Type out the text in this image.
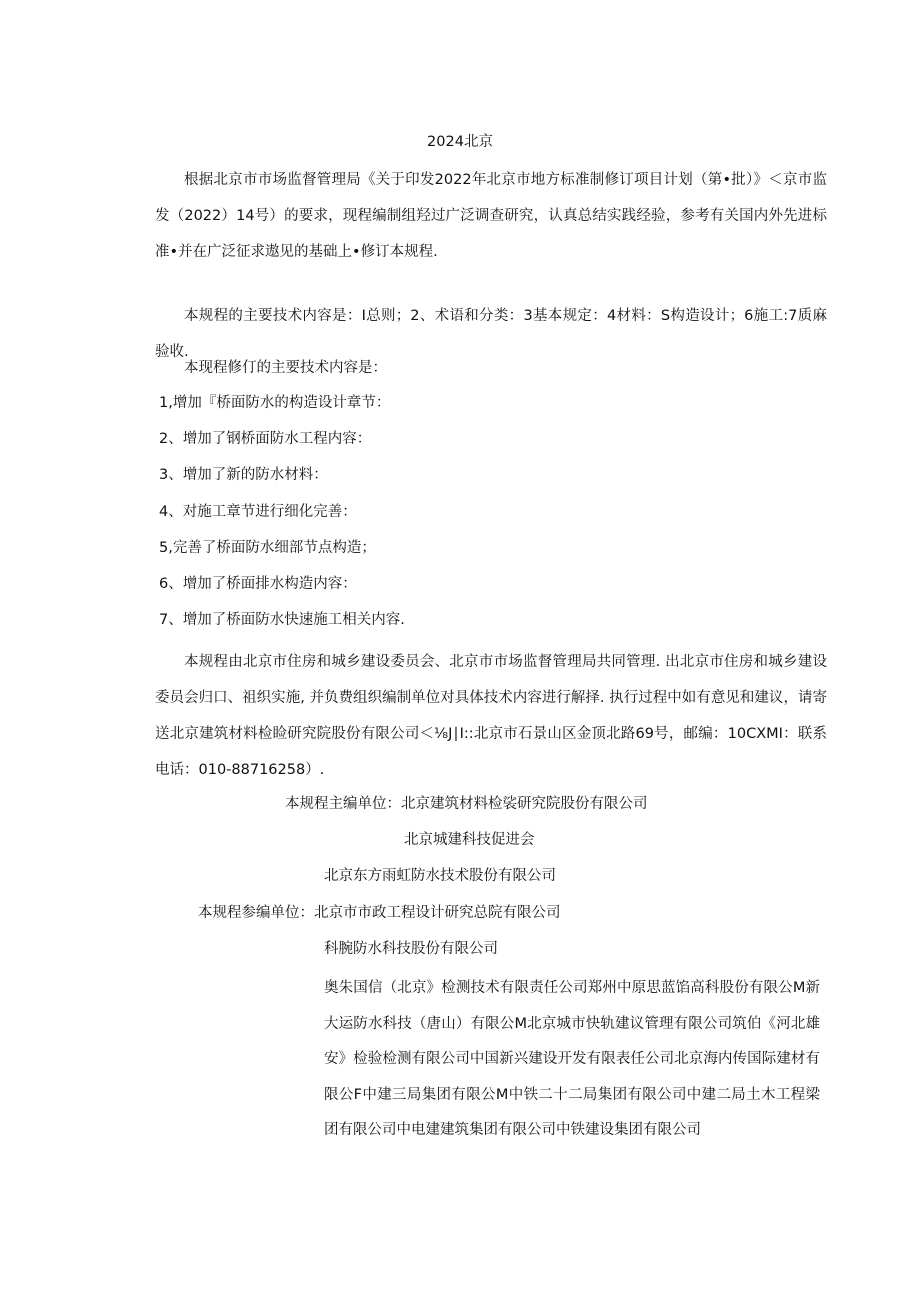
2024北京
根据北京市市场监督管理局《关于印发2022年北京市地方标准制修订项目计划（第•批）》＜京市监发（2022）14号）的要求，现程编制组羟过广泛调查研究，认真总结实践经验，参考有关国内外先进标准•并在广泛征求遨见的基础上•修订本规程.
本规程的主要技术内容是：I总则；2、术语和分类：3基本规定：4材料：S构造设计；6施工:7质麻验收.
本现程修仃的主要技术内容是：
1,增加『桥面防水的构造设计章节：
2、增加了钢桥面防水工程内容：
3、增加了新的防水材料：
4、对施工章节进行细化完善：
5,完善了桥面防水细部节点构造；
6、增加了桥面排水构造内容：
7、增加了桥面防水快速施工相关内容.
本规程由北京市住房和城乡建设委员会、北京市市场监督管理局共同管理. 出北京市住房和城乡建设委员会归口、祖织实施, 并负费组织编制单位对具体技术内容进行解择. 执行过程中如有意见和建议，请寄送北京建筑材料检睑研究院股份有限公司＜⅛J∣I::北京市石景山区金顶北路69号，邮编：10CXMI：联系电话：010-88716258）.
本规程主编单位：北京建筑材料检裟研究院股份有限公司
北京城建科技促进会
北京东方雨虹防水技术股份有限公司
本规程参编单位：北京市市政工程设计研究总院有限公司
科腕防水科技股份有限公司
奥朱国信（北京》检测技术有限责任公司郑州中原思蓝馅高科股份有限公M新大运防水科技（唐山）有限公M北京城市快轨建议管理有限公司筑伯《河北雄安》检验检测有限公司中国新兴建设开发有限表任公司北京海内传国际建材有限公F中建三局集团有限公M中铁二十二局集团有限公司中建二局土木工程梁团有限公司中电建建筑集团有限公司中铁建设集团有限公司
